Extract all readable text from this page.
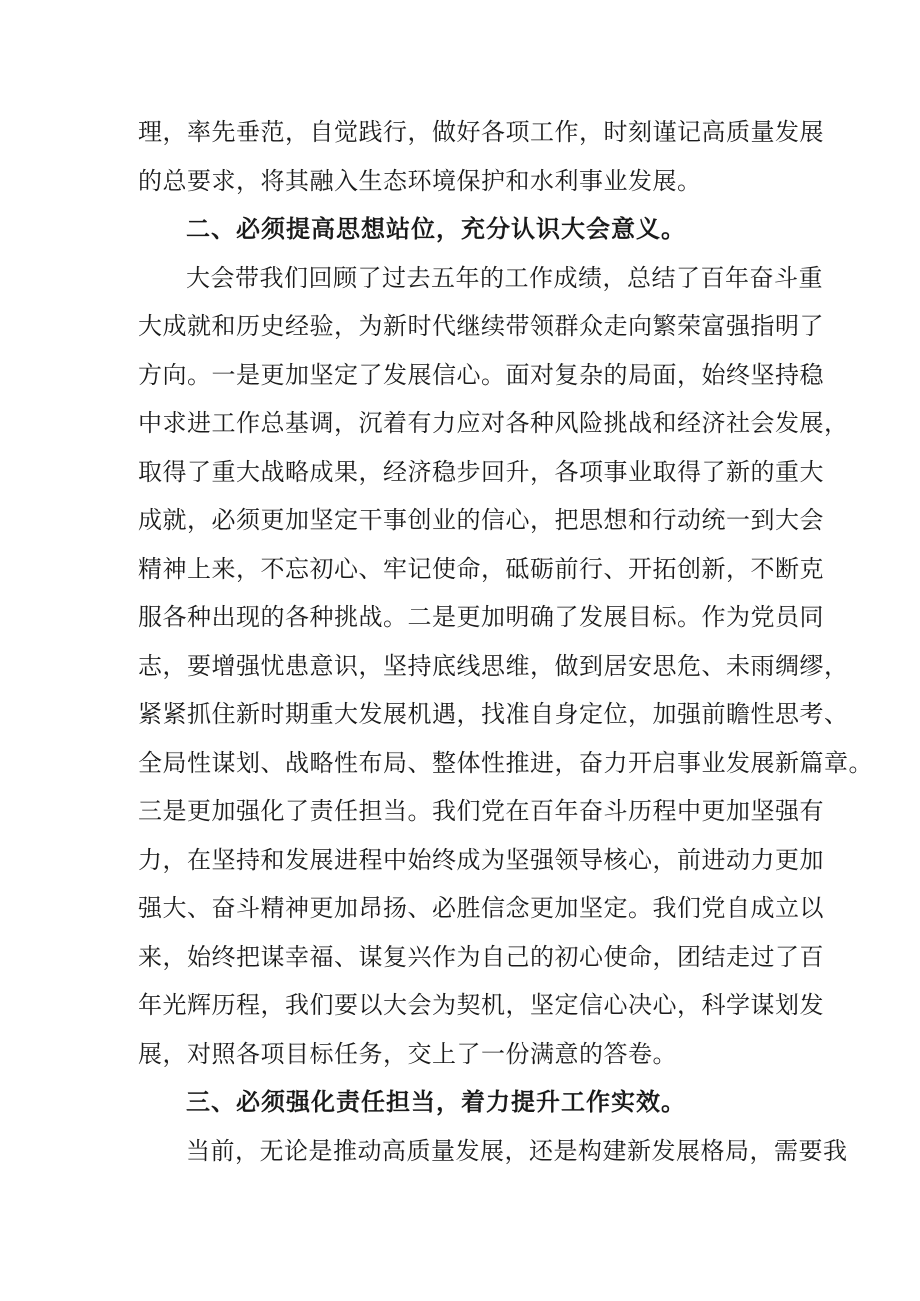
理，率先垂范，自觉践行，做好各项工作，时刻谨记高质量发展
的总要求，将其融入生态环境保护和水利事业发展。
二、必须提高思想站位，充分认识大会意义。
大会带我们回顾了过去五年的工作成绩，总结了百年奋斗重
大成就和历史经验，为新时代继续带领群众走向繁荣富强指明了
方向。一是更加坚定了发展信心。面对复杂的局面，始终坚持稳
中求进工作总基调，沉着有力应对各种风险挑战和经济社会发展，
取得了重大战略成果，经济稳步回升，各项事业取得了新的重大
成就，必须更加坚定干事创业的信心，把思想和行动统一到大会
精神上来，不忘初心、牢记使命，砥砺前行、开拓创新，不断克
服各种出现的各种挑战。二是更加明确了发展目标。作为党员同
志，要增强忧患意识，坚持底线思维，做到居安思危、未雨绸缪，
紧紧抓住新时期重大发展机遇，找准自身定位，加强前瞻性思考、
全局性谋划、战略性布局、整体性推进，奋力开启事业发展新篇章。
三是更加强化了责任担当。我们党在百年奋斗历程中更加坚强有
力，在坚持和发展进程中始终成为坚强领导核心，前进动力更加
强大、奋斗精神更加昂扬、必胜信念更加坚定。我们党自成立以
来，始终把谋幸福、谋复兴作为自己的初心使命，团结走过了百
年光辉历程，我们要以大会为契机，坚定信心决心，科学谋划发
展，对照各项目标任务，交上了一份满意的答卷。
三、必须强化责任担当，着力提升工作实效。
当前，无论是推动高质量发展，还是构建新发展格局，需要我
